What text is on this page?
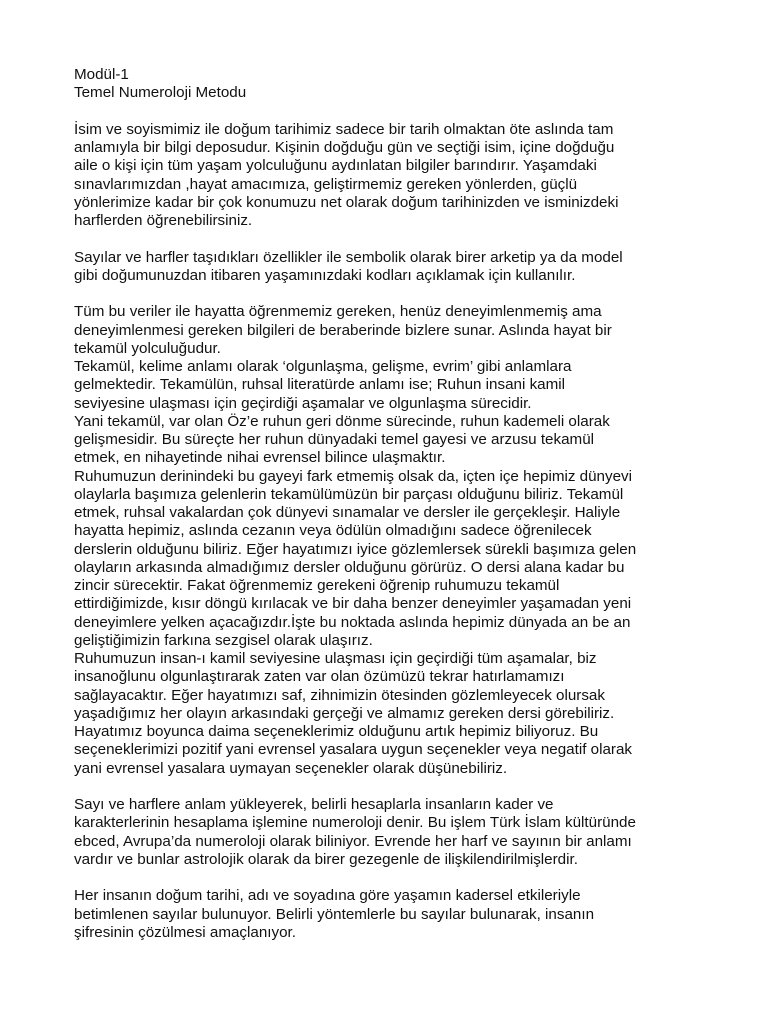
Modül-1
Temel Numeroloji Metodu
İsim ve soyismimiz ile doğum tarihimiz sadece bir tarih olmaktan öte aslında tam
anlamıyla bir bilgi deposudur. Kişinin doğduğu gün ve seçtiği isim, içine doğduğu
aile o kişi için tüm yaşam yolculuğunu aydınlatan bilgiler barındırır. Yaşamdaki
sınavlarımızdan ,hayat amacımıza, geliştirmemiz gereken yönlerden, güçlü
yönlerimize kadar bir çok konumuzu net olarak doğum tarihinizden ve isminizdeki
harflerden öğrenebilirsiniz.
Sayılar ve harfler taşıdıkları özellikler ile sembolik olarak birer arketip ya da model
gibi doğumunuzdan itibaren yaşamınızdaki kodları açıklamak için kullanılır.
Tüm bu veriler ile hayatta öğrenmemiz gereken, henüz deneyimlenmemiş ama
deneyimlenmesi gereken bilgileri de beraberinde bizlere sunar. Aslında hayat bir
tekamül yolculuğudur.
Tekamül, kelime anlamı olarak ‘olgunlaşma, gelişme, evrim’ gibi anlamlara
gelmektedir. Tekamülün, ruhsal literatürde anlamı ise; Ruhun insani kamil
seviyesine ulaşması için geçirdiği aşamalar ve olgunlaşma sürecidir.
Yani tekamül, var olan Öz’e ruhun geri dönme sürecinde, ruhun kademeli olarak
gelişmesidir. Bu süreçte her ruhun dünyadaki temel gayesi ve arzusu tekamül
etmek, en nihayetinde nihai evrensel bilince ulaşmaktır.
Ruhumuzun derinindeki bu gayeyi fark etmemiş olsak da, içten içe hepimiz dünyevi
olaylarla başımıza gelenlerin tekamülümüzün bir parçası olduğunu biliriz. Tekamül
etmek, ruhsal vakalardan çok dünyevi sınamalar ve dersler ile gerçekleşir. Haliyle
hayatta hepimiz, aslında cezanın veya ödülün olmadığını sadece öğrenilecek
derslerin olduğunu biliriz. Eğer hayatımızı iyice gözlemlersek sürekli başımıza gelen
olayların arkasında almadığımız dersler olduğunu görürüz. O dersi alana kadar bu
zincir sürecektir. Fakat öğrenmemiz gerekeni öğrenip ruhumuzu tekamül
ettirdiğimizde, kısır döngü kırılacak ve bir daha benzer deneyimler yaşamadan yeni
deneyimlere yelken açacağızdır.İşte bu noktada aslında hepimiz dünyada an be an
geliştiğimizin farkına sezgisel olarak ulaşırız.
Ruhumuzun insan-ı kamil seviyesine ulaşması için geçirdiği tüm aşamalar, biz
insanoğlunu olgunlaştırarak zaten var olan özümüzü tekrar hatırlamamızı
sağlayacaktır. Eğer hayatımızı saf, zihnimizin ötesinden gözlemleyecek olursak
yaşadığımız her olayın arkasındaki gerçeği ve almamız gereken dersi görebiliriz.
Hayatımız boyunca daima seçeneklerimiz olduğunu artık hepimiz biliyoruz. Bu
seçeneklerimizi pozitif yani evrensel yasalara uygun seçenekler veya negatif olarak
yani evrensel yasalara uymayan seçenekler olarak düşünebiliriz.
Sayı ve harflere anlam yükleyerek, belirli hesaplarla insanların kader ve
karakterlerinin hesaplama işlemine numeroloji denir. Bu işlem Türk İslam kültüründe
ebced, Avrupa’da numeroloji olarak biliniyor. Evrende her harf ve sayının bir anlamı
vardır ve bunlar astrolojik olarak da birer gezegenle de ilişkilendirilmişlerdir.
Her insanın doğum tarihi, adı ve soyadına göre yaşamın kadersel etkileriyle
betimlenen sayılar bulunuyor. Belirli yöntemlerle bu sayılar bulunarak, insanın
şifresinin çözülmesi amaçlanıyor.
